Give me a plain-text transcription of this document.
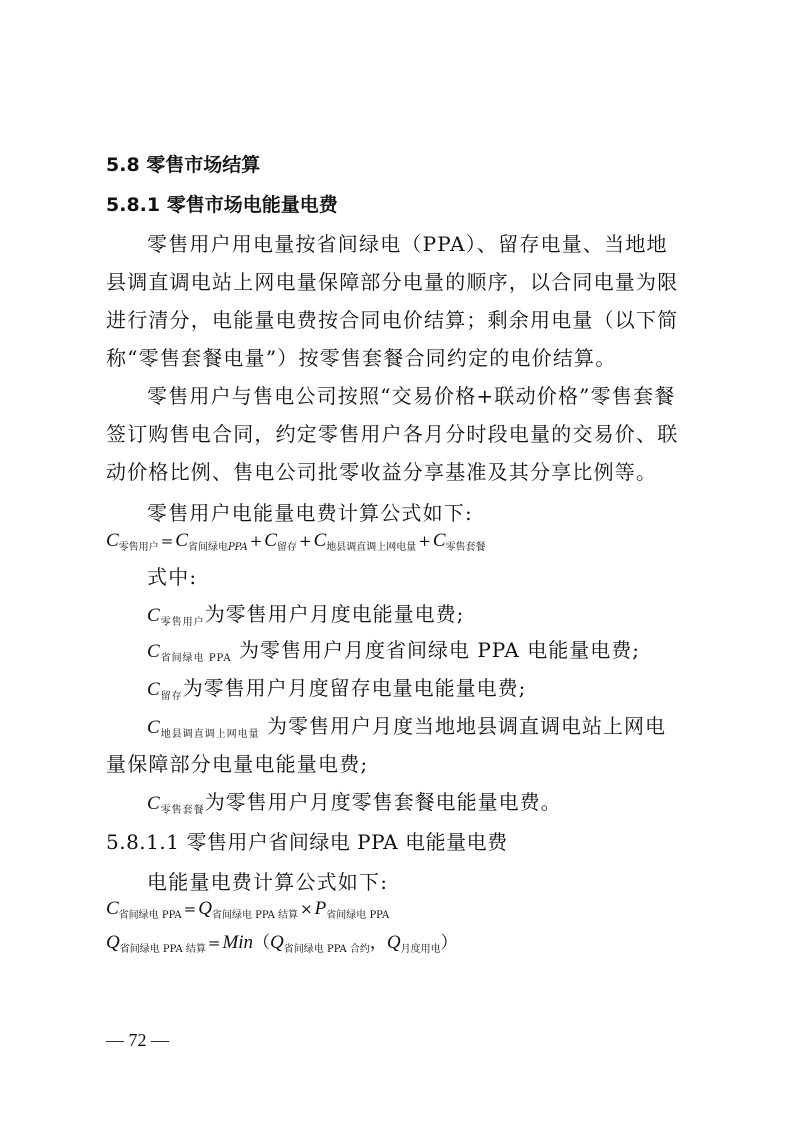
5.8 零售市场结算
5.8.1 零售市场电能量电费
零售用户用电量按省间绿电（PPA）、留存电量、当地地
县调直调电站上网电量保障部分电量的顺序，以合同电量为限
进行清分，电能量电费按合同电价结算；剩余用电量（以下简
称“零售套餐电量”）按零售套餐合同约定的电价结算。
零售用户与售电公司按照“交易价格+联动价格”零售套餐
签订购售电合同，约定零售用户各月分时段电量的交易价、联
动价格比例、售电公司批零收益分享基准及其分享比例等。
零售用户电能量电费计算公式如下:
$C_{零售用户} = C_{省间绿电PPA} + C_{留存} + C_{地县调直调上网电量} + C_{零售套餐}$
式中:
$C_{零售用户}$为零售用户月度电能量电费;
$C_{省间绿电 PPA}$ 为零售用户月度省间绿电 PPA 电能量电费;
$C_{留存}$为零售用户月度留存电量电能量电费;
$C_{地县调直调上网电量}$ 为零售用户月度当地地县调直调电站上网电
量保障部分电量电能量电费;
$C_{零售套餐}$为零售用户月度零售套餐电能量电费。
5.8.1.1 零售用户省间绿电 PPA 电能量电费
电能量电费计算公式如下:
$C_{省间绿电 PPA} = Q_{省间绿电 PPA 结算} \times P_{省间绿电 PPA}$
$Q_{省间绿电 PPA 结算} = Min(Q_{省间绿电 PPA 合约}$，$Q_{月度用电}$）
— 72 —
